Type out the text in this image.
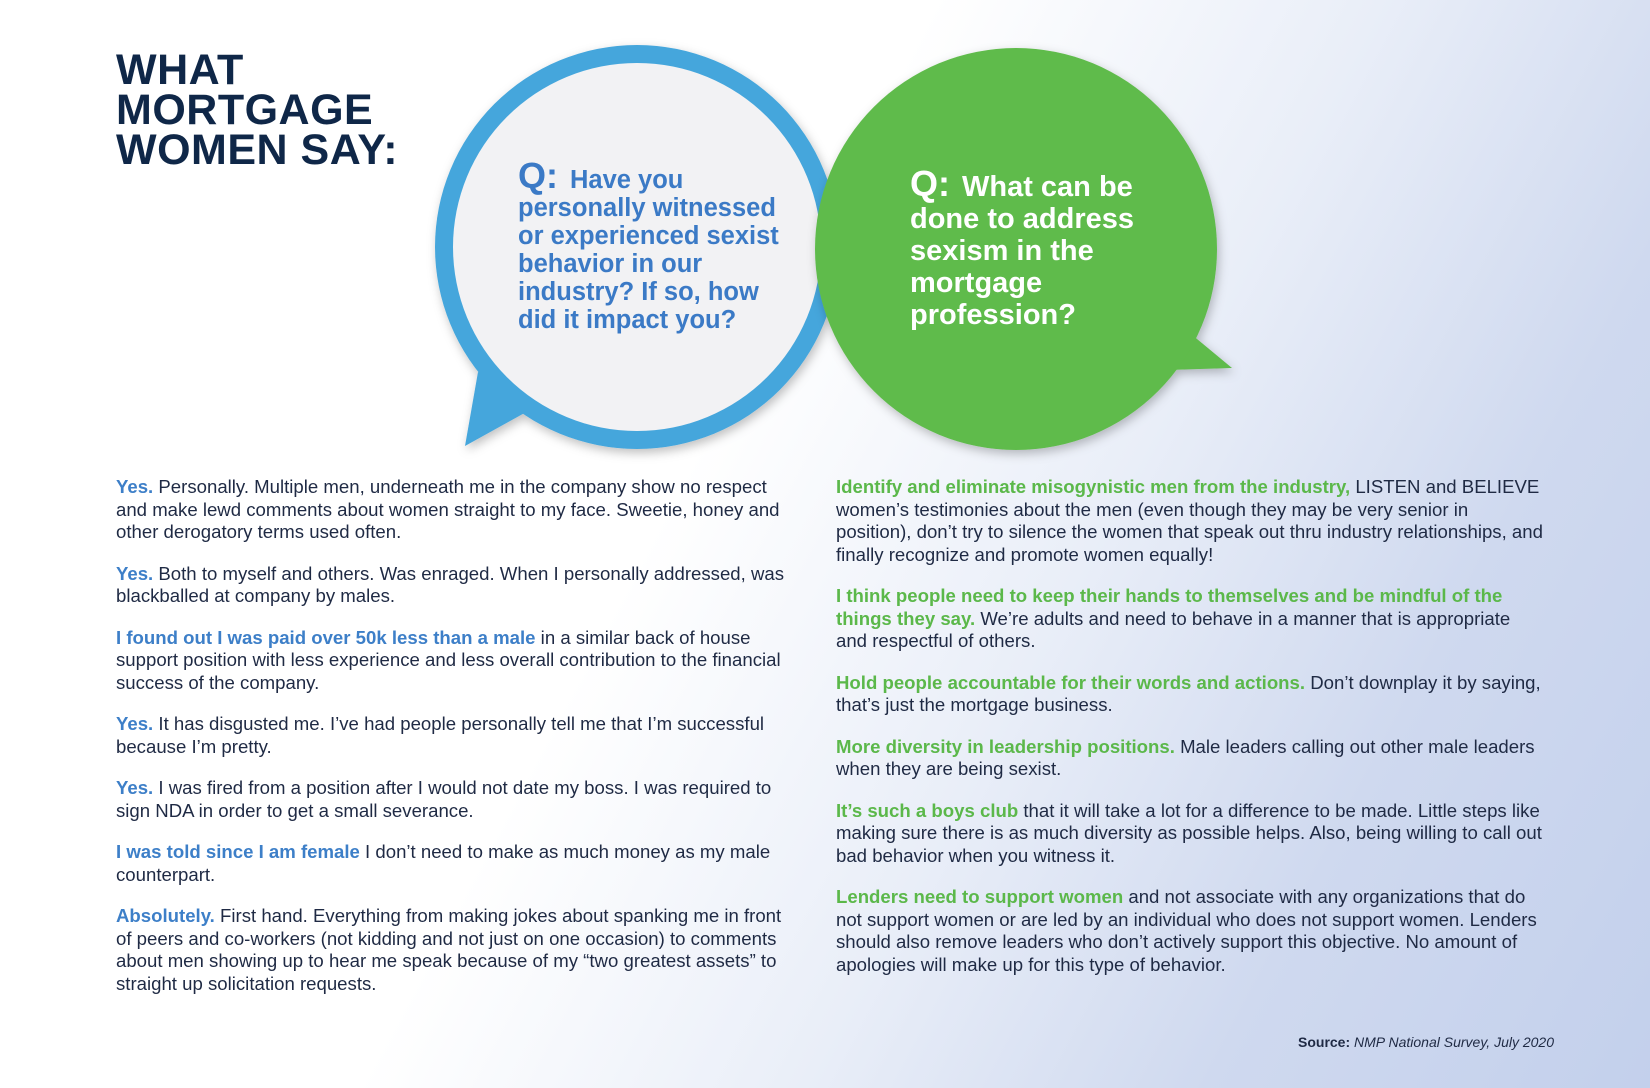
WHAT
MORTGAGE
WOMEN SAY:
Q: Have you personally witnessed or experienced sexist behavior in our industry? If so, how did it impact you?
Q: What can be done to address sexism in the mortgage profession?

Yes. Personally. Multiple men, underneath me in the company show no respect and make lewd comments about women straight to my face. Sweetie, honey and other derogatory terms used often.

Yes. Both to myself and others. Was enraged. When I personally addressed, was blackballed at company by males.

I found out I was paid over 50k less than a male in a similar back of house support position with less experience and less overall contribution to the financial success of the company.

Yes. It has disgusted me. I’ve had people personally tell me that I’m successful because I’m pretty.

Yes. I was fired from a position after I would not date my boss. I was required to sign NDA in order to get a small severance.

I was told since I am female I don’t need to make as much money as my male counterpart.

Absolutely. First hand. Everything from making jokes about spanking me in front of peers and co-workers (not kidding and not just on one occasion) to comments about men showing up to hear me speak because of my “two greatest assets” to straight up solicitation requests.

Identify and eliminate misogynistic men from the industry, LISTEN and BELIEVE women’s testimonies about the men (even though they may be very senior in position), don’t try to silence the women that speak out thru industry relationships, and finally recognize and promote women equally!

I think people need to keep their hands to themselves and be mindful of the things they say. We’re adults and need to behave in a manner that is appropriate and respectful of others.

Hold people accountable for their words and actions. Don’t downplay it by saying, that’s just the mortgage business.

More diversity in leadership positions. Male leaders calling out other male leaders when they are being sexist.

It’s such a boys club that it will take a lot for a difference to be made. Little steps like making sure there is as much diversity as possible helps. Also, being willing to call out bad behavior when you witness it.

Lenders need to support women and not associate with any organizations that do not support women or are led by an individual who does not support women. Lenders should also remove leaders who don’t actively support this objective. No amount of apologies will make up for this type of behavior.

Source: NMP National Survey, July 2020
